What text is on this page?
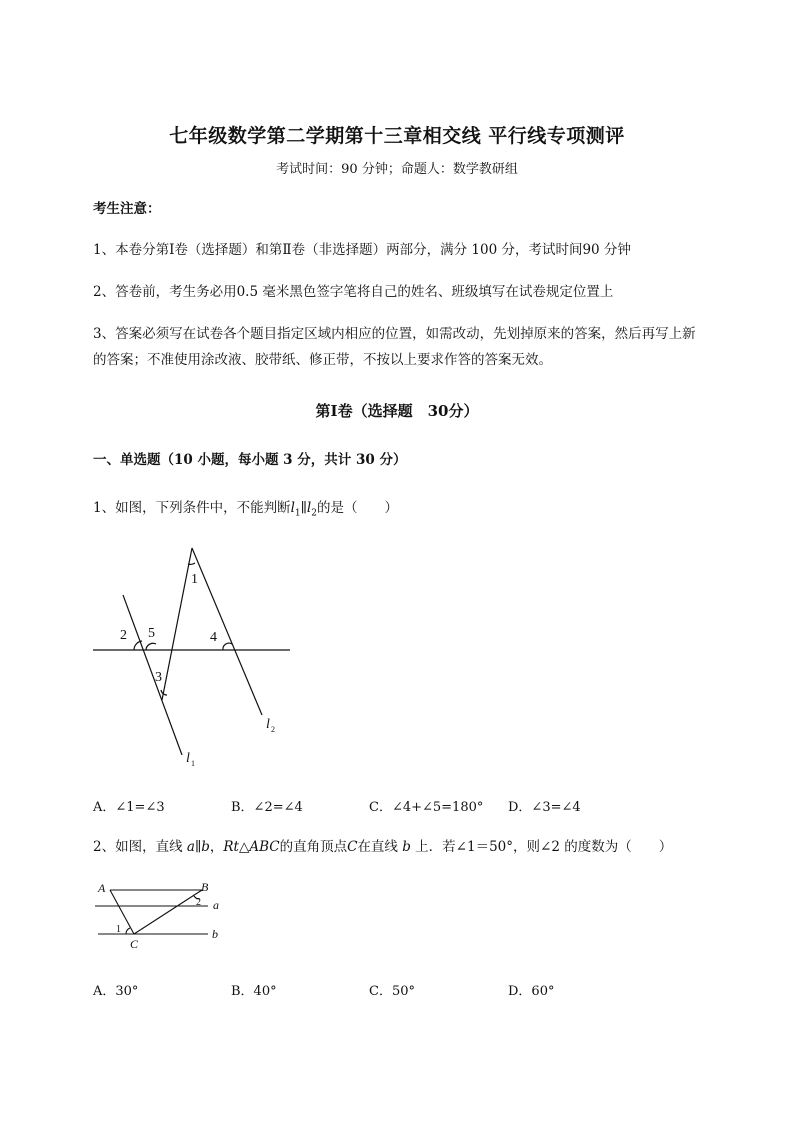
七年级数学第二学期第十三章相交线 平行线专项测评
考试时间：90 分钟；命题人：数学教研组
考生注意：
1、本卷分第Ⅰ卷（选择题）和第Ⅱ卷（非选择题）两部分，满分 100 分，考试时间90 分钟
2、答卷前，考生务必用0.5 毫米黑色签字笔将自己的姓名、班级填写在试卷规定位置上
3、答案必须写在试卷各个题目指定区域内相应的位置，如需改动，先划掉原来的答案，然后再写上新
的答案；不准使用涂改液、胶带纸、修正带，不按以上要求作答的答案无效。
第Ⅰ卷（选择题　30分）
一、单选题（10 小题，每小题 3 分，共计 30 分）
1、如图，下列条件中，不能判断$l_1\parallel l_2$的是（　　）
1
2 5	4
3
l 1
l 2
A．∠1=∠3	B．∠2=∠4	C．∠4+∠5=180° D．∠3=∠4
2、如图，直线 a∥b，Rt△ABC的直角顶点C在直线 b 上．若∠1＝50°，则∠2 的度数为（　　）
A	B
C
a
b
1
2
A．30°	B．40°	C．50°	D．60°
